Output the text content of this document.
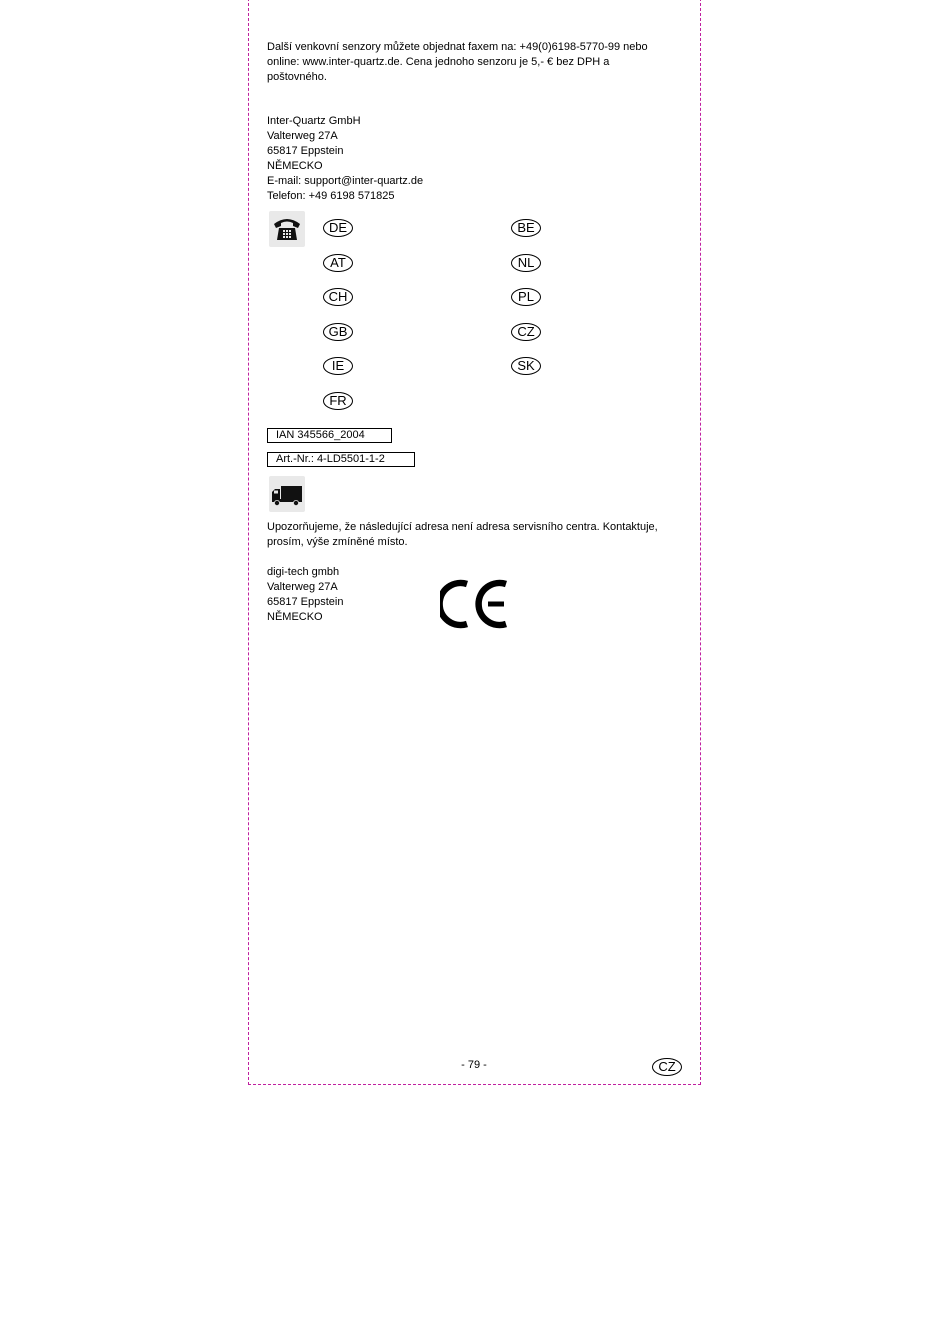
Další venkovní senzory můžete objednat faxem na: +49(0)6198-5770-99 nebo
online: www.inter-quartz.de. Cena jednoho senzoru je 5,- € bez DPH a
poštovného.
Inter-Quartz GmbH
Valterweg 27A
65817 Eppstein
NĚMECKO
E-mail: support@inter-quartz.de
Telefon: +49 6198 571825
DE
AT
CH
GB
IE
FR
BE
NL
PL
CZ
SK
IAN 345566_2004
Art.-Nr.: 4-LD5501-1-2
Upozorňujeme, že následující adresa není adresa servisního centra. Kontaktuje,
prosím, výše zmíněné místo.
digi-tech gmbh
Valterweg 27A
65817 Eppstein
NĚMECKO
- 79 -	CZ
